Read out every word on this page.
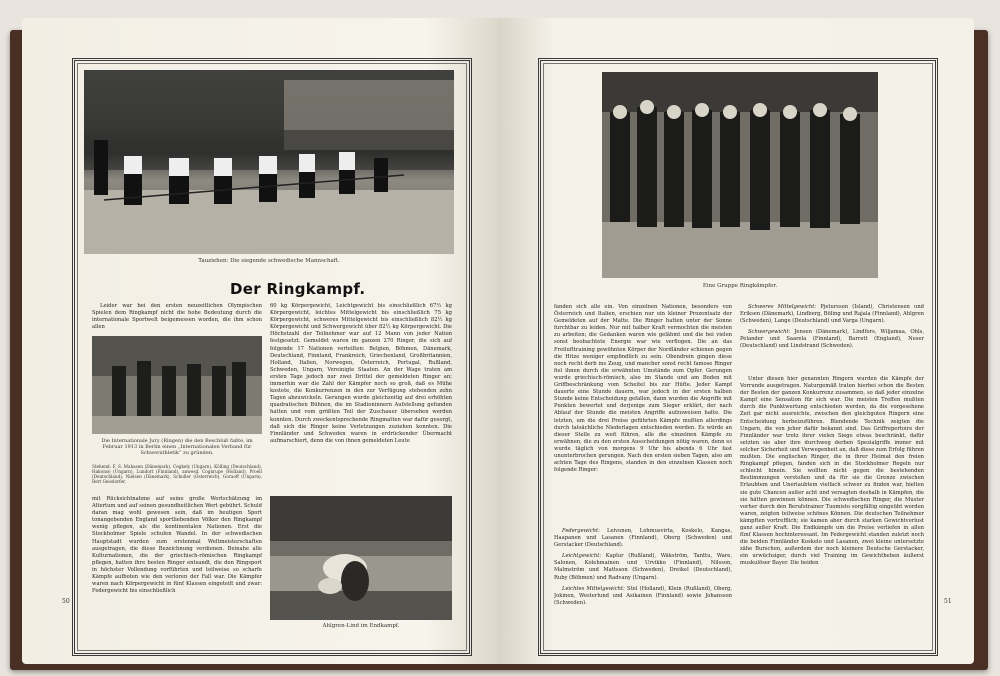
Tauziehen: Die siegende schwedische Mannschaft.
Der Ringkampf.

Leider war bei den ersten neuzeitlichen Olympischen Spielen dem Ringkampf nicht die hohe Bedeutung durch die internationale Sportwelt beigemessen worden, die ihm schon allen

Die Internationale Jury (Ringen) die den Beschluß faßte, im Februar 1913 in Berlin einen „Internationalen Verband für Schwerathletik“ zu gründen.
Stehend: F. S. Mahasen (Dänemark), Cegkely (Ungarn), Kölling (Deutschland), Hakonso (Ungarn), Lundort (Finnland), anwesd. Cognrupe (Holland), Proell (Deutschland), Nielsen (Dänemark), Schuller (Österreich), Goraoff (Ungarn), Bert Geisdorfer.

60 kg Körpergewicht, Leichtgewicht bis einschließlich 67½ kg Körpergewicht, leichtes Mittelgewicht bis einschließlich 75 kg Körpergewicht, schweres Mittelgewicht bis einschließlich 82½ kg Körpergewicht und Schwergewicht über 82½ kg Körpergewicht. Die Höchstzahl der Teilnehmer war auf 12 Mann von jeder Nation festgesetzt. Gemeldet waren im ganzen 270 Ringer, die sich auf folgende 17 Nationen verteilten: Belgien, Böhmen, Dänemark, Deutschland, Finnland, Frankreich, Griechenland, Großbritannien, Holland, Italien, Norwegen, Österreich, Portugal, Rußland, Schweden, Ungarn, Vereinigte Staaten. An der Wage traten am ersten Tage jedoch nur zwei Drittel der gemeldeten Ringer an; immerhin war die Zahl der Kämpfer noch so groß, daß es Mühe kostete, die Konkurrenzen in den zur Verfügung stehenden zehn Tagen abzuwickeln. Gerungen wurde gleichzeitig auf drei erhöhten quadratischen Bühnen, die im Stadioninnern Aufstellung gefunden hatten und vom größten Teil der Zuschauer übersehen werden konnten. Durch zweckentsprechende Ringmatten war dafür gesorgt, daß sich die Ringer keine Verletzungen zuziehen konnten. Die Finnländer und Schweden waren in erdrückender Übermacht aufmarschiert, denn die von ihnen gemeldeten Leute

mit Rücksichtnahme auf seine große Wertschätzung im Altertum und auf seinen gesundheitlichen Wert gebührt. Schuld daran mag wohl gewesen sein, daß im heutigen Sport tonangebenden England sportliebenden Völker den Ringkampf wenig pflegen, als die kontinentalen Nationen. Erst die Stockholmer Spiele schufen Wandel. In der schwedischen Hauptstadt wurden zum erstenmal Weltmeisterschaften ausgetragen, die diese Bezeichnung verdienen. Beinahe alle Kulturnationen, die der griechisch-römischen Ringkampf pflegen, hatten ihre besten Ringer entsandt, die den Ringsport in höchster Vollendung vorführten und teilweise so scharfe Kämpfe aufboten wie den verloren der Fall war. Die Kämpfer waren nach Körpergewicht in fünf Klassen eingeteilt und zwar: Federgewicht bis einschließlich

Ahlgren-Lind im Endkampf.
50
Eine Gruppe Ringkämpfer.

fanden sich alle ein. Von einzelnen Nationen, besonders von Österreich und Italien, erschien nur ein kleiner Prozentsatz der Gemeldeten auf der Matte. Die Ringer hatten unter der Sonne furchtbar zu leiden. Nur mit halber Kraft vermochten die meisten zu arbeiten; die Gedanken waren wie gelähmt und die bei vielen sonst beobachtete Energie war wie verflogen. Die an das Freilufttraining gewöhnten Körper der Nordländer schienen gegen die Hitze weniger empfindlich zu sein. Obendrein gingen diese noch recht derb ins Zeug, und mancher sonst recht famose Ringer fiel ihnen durch die erwähnten Umstände zum Opfer. Gerungen wurde griechisch-römisch, also im Stande und am Boden mit Griffbeschränkung vom Scheitel bis zur Hüfte. Jeder Kampf dauerte eine Stunde dauern, war jedoch in der ersten halben Stunde keine Entscheidung gefallen, dann wurden die Angriffe mit Punkten bewertet und derjenige zum Sieger erklärt, der nach Ablauf der Stunde die meisten Angriffe aufzuweisen hatte. Die letzten, um die drei Preise geführten Kämpfe mußten allerdings durch tatsächliche Niederlagen entschieden werden. Es würde an dieser Stelle zu weit führen, alle die einzelnen Kämpfe zu erwähnen, die zu den ersten Ausscheidungen nötig waren, denn es wurde täglich von morgens 9 Uhr bis abends 6 Uhr fast ununterbrochen gerungen. Nach den ersten sieben Tagen, also am achten Tage des Ringens, standen in den einzelnen Klassen noch folgende Ringer:

Federgewicht: Leivonen, Lehmusvirta, Koskelo, Kangas, Haapanen und Lasanen (Finnland), Oberg (Schweden) und Gerstacker (Deutschland).

Leichtgewicht: Kaplur (Rußland), Wäkström, Tanttu, Ware, Salonen, Kolehmainen und Urvikko (Finnland), Nilsson, Malmström und Mattsson (Schweden), Dreikel (Deutschland), Ruby (Böhmen) und Radvany (Ungarn).

Leichtes Mittelgewicht: Stel (Holland), Klein (Rußland), Oberg, Jokinen, Westerlund und Asikainen (Finnland) sowie Johansson (Schweden).

Schweres Mittelgewicht: Pjetursson (Island), Christensen und Eriksen (Dänemark), Lindberg, Böling und Rajala (Finnland), Ahlgren (Schweden), Lange (Deutschland) und Varga (Ungarn).

Schwergewicht: Jensen (Dänemark), Lindfors, Wiljamaa, Ohls, Pelander und Saarela (Finnland), Barrett (England), Neser (Deutschland) und Lindstrand (Schweden).

Unter diesen hier genannten Ringern wurden die Kämpfe der Vorrunde ausgetragen. Naturgemäß traten hierbei schon die Besten der Besten der ganzen Konkurrenz zusammen, so daß jeder einzelne Kampf eine Sensation für sich war. Die meisten Treffen mußten durch die Punktwertung entschieden werden, da die vorgesehene Zeit gar nicht ausreichte, zwischen den gleichguten Ringern eine Entscheidung herbeizuführen. Blendende Technik zeigten die Ungarn, die von jeher dafür bekannt sind. Das Griffrepertoire der Finnländer war trotz ihrer vielen Siege etwas beschränkt, dafür setzten sie aber ihre durchweg derben Spezialgriffe immer mit solcher Sicherheit und Verwegenheit an, daß diese zum Erfolg führen mußten. Die englischen Ringer, die in ihrer Heimat den freien Ringkampf pflegen, fanden sich in die Stockholmer Regeln nur schlecht hinein. Sie wollten nicht gegen die bestehenden Bestimmungen verstoßen und da für sie die Grenze zwischen Erlaubtem und Unerlaubtem vielfach schwer zu finden war, hielten sie gute Chancen außer acht und versagten deshalb in Kämpfen, die sie hätten gewinnen können. Die schwedischen Ringer, die Muster vorher durch den Berufstrainer Tuomisto sorgfältig eingeübt worden waren, zeigten teilweise schönes Können. Die deutschen Teilnehmer kämpften vortrefflich; sie kamen aber durch starken Gewichtverlust ganz außer Kraft. Die Endkämpfe um die Preise verliefen in allen fünf Klassen hochinteressant. Im Federgewicht standen zuletzt noch die beiden Finnländer Koskelo und Lasanen, zwei kleine untersetzte zähe Burschen, außerdem der noch kleinere Deutsche Gerstacker, ein urwüchsiger, durch viel Training im Gewichtheben äußerst muskulöser Bayer. Die beiden

51
